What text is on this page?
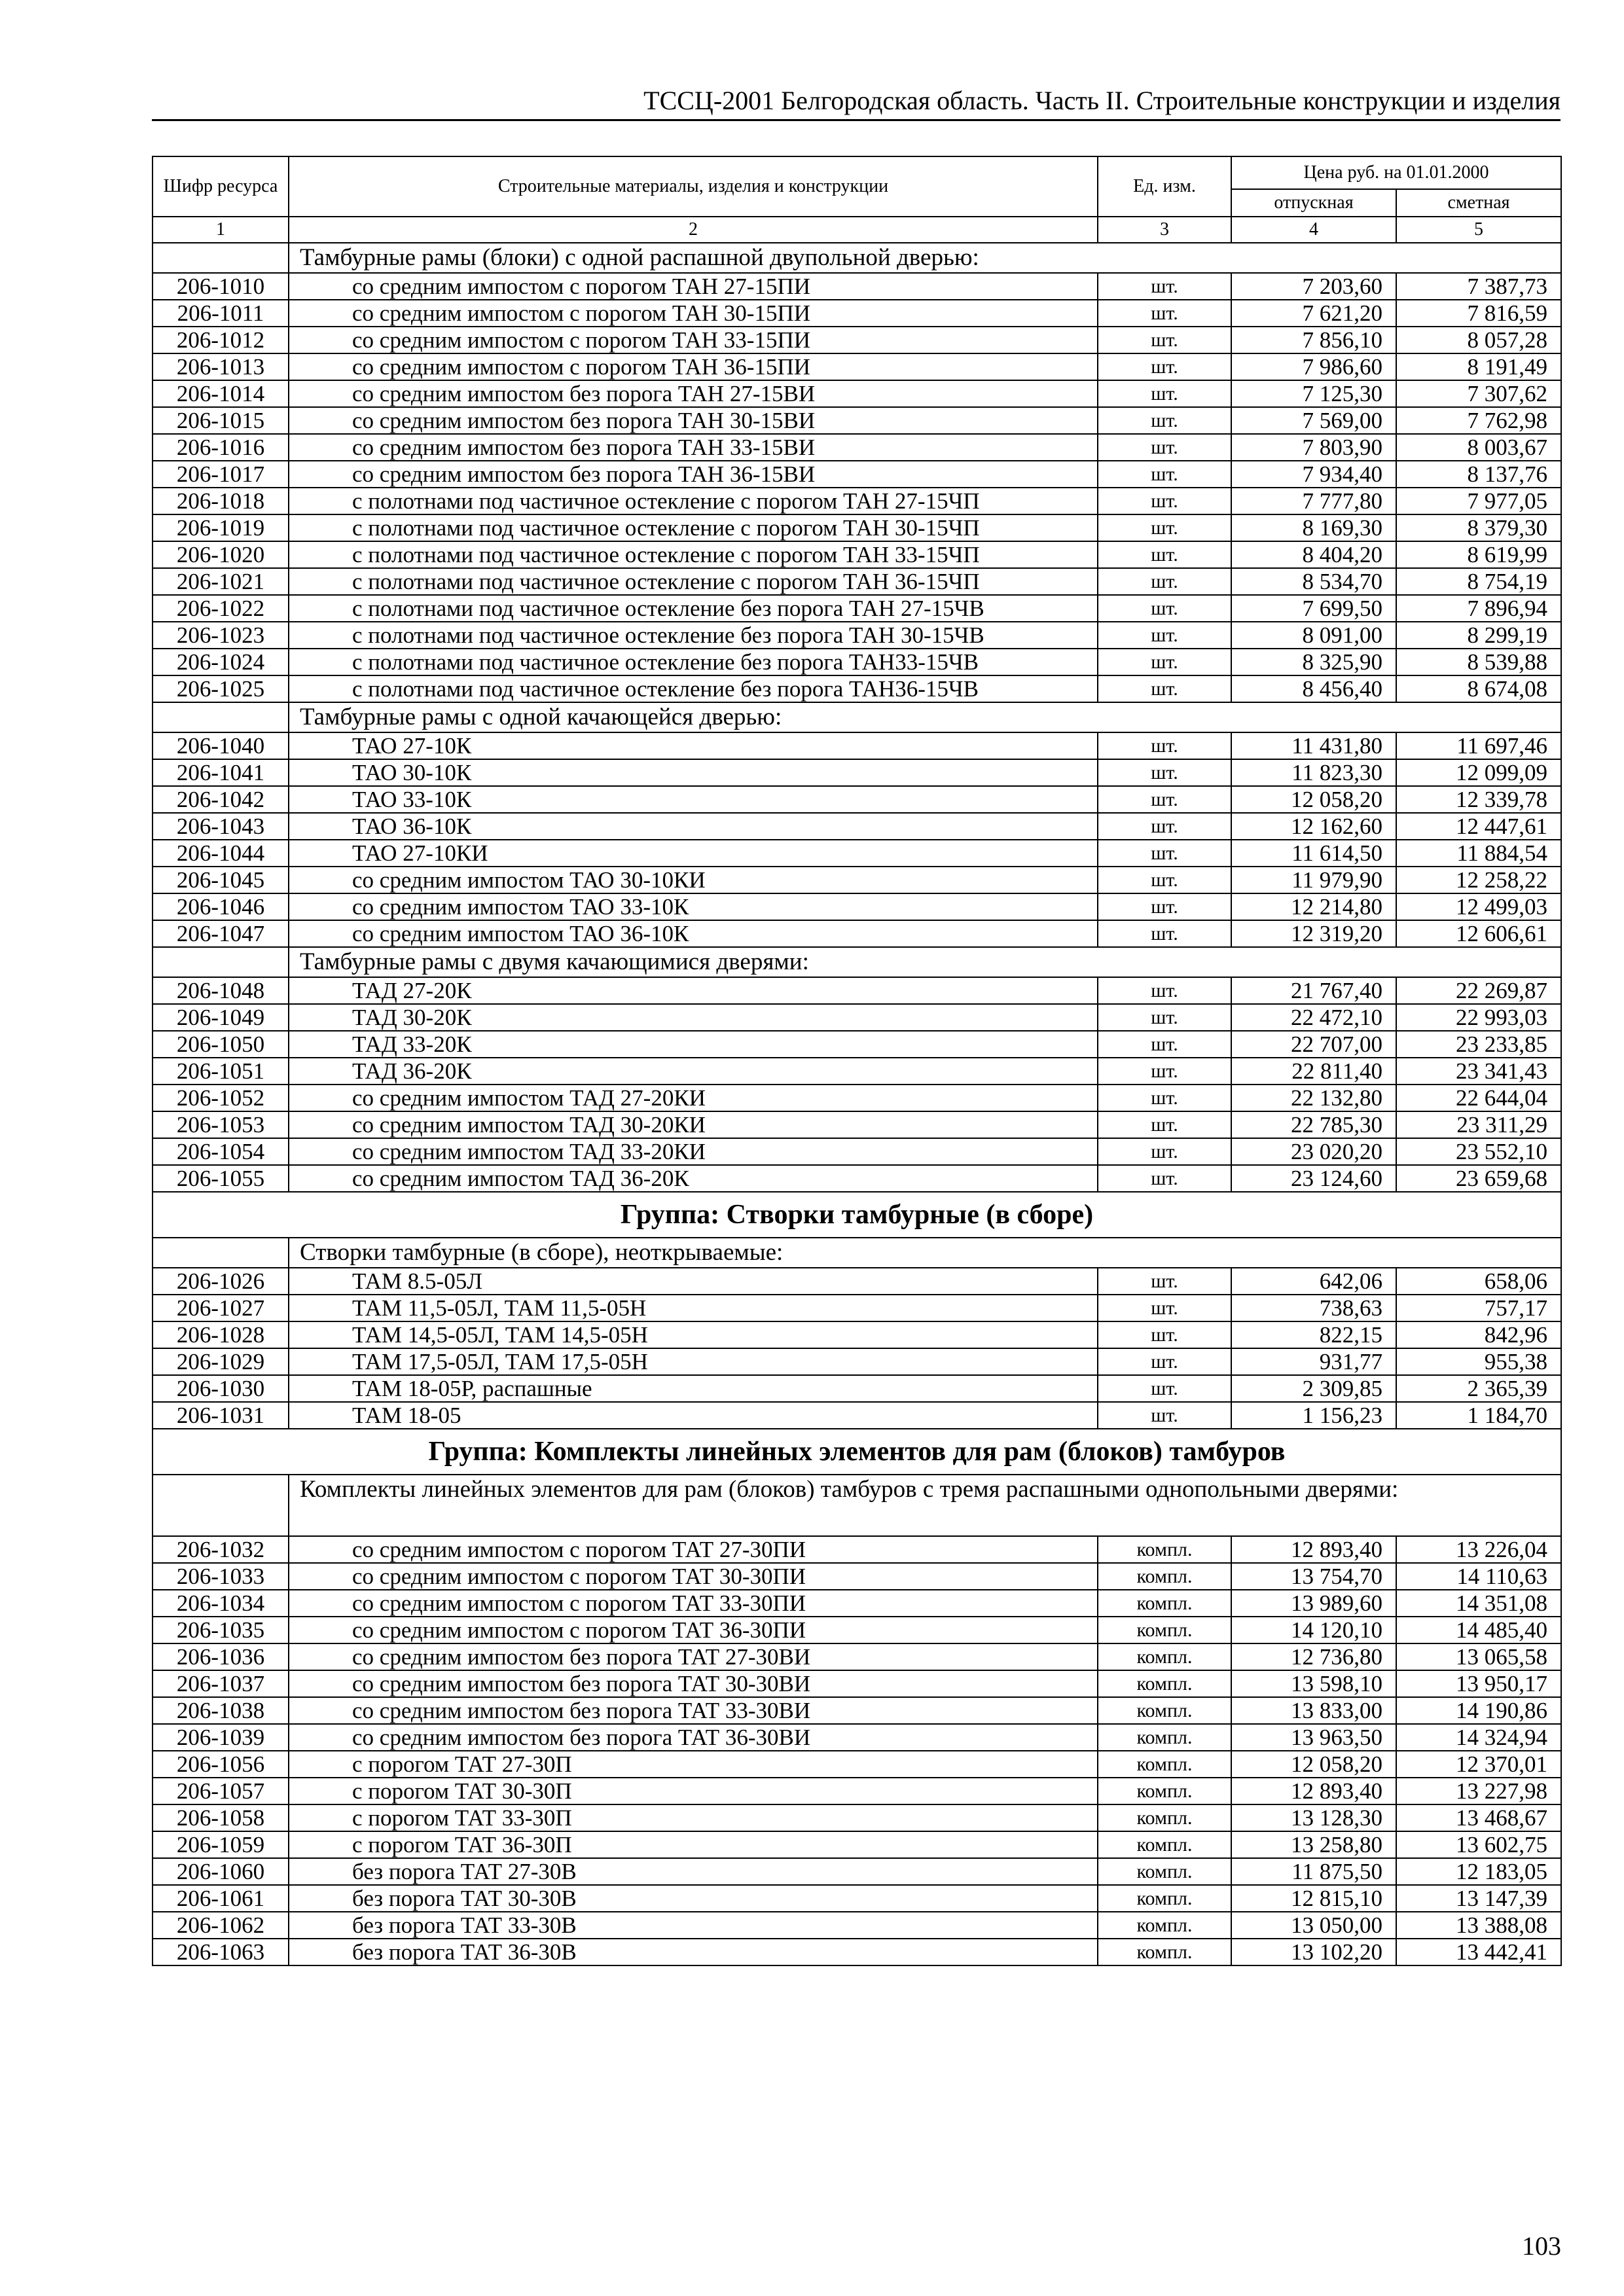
ТССЦ-2001 Белгородская область. Часть II. Строительные конструкции и изделия
Шифр ресурса	Строительные материалы, изделия и конструкции	Ед. изм.	Цена руб. на 01.01.2000	
			отпускная	сметная
1	2	3	4	5
	Тамбурные рамы (блоки) с одной распашной двупольной дверью:			
206-1010	со средним импостом с порогом ТАН 27-15ПИ	шт.	7 203,60	7 387,73
206-1011	со средним импостом с порогом ТАН 30-15ПИ	шт.	7 621,20	7 816,59
206-1012	со средним импостом с порогом ТАН 33-15ПИ	шт.	7 856,10	8 057,28
206-1013	со средним импостом с порогом ТАН 36-15ПИ	шт.	7 986,60	8 191,49
206-1014	со средним импостом без порога ТАН 27-15ВИ	шт.	7 125,30	7 307,62
206-1015	со средним импостом без порога ТАН 30-15ВИ	шт.	7 569,00	7 762,98
206-1016	со средним импостом без порога ТАН 33-15ВИ	шт.	7 803,90	8 003,67
206-1017	со средним импостом без порога ТАН 36-15ВИ	шт.	7 934,40	8 137,76
206-1018	с полотнами под частичное остекление с порогом ТАН 27-15ЧП	шт.	7 777,80	7 977,05
206-1019	с полотнами под частичное остекление с порогом ТАН 30-15ЧП	шт.	8 169,30	8 379,30
206-1020	с полотнами под частичное остекление с порогом ТАН 33-15ЧП	шт.	8 404,20	8 619,99
206-1021	с полотнами под частичное остекление с порогом ТАН 36-15ЧП	шт.	8 534,70	8 754,19
206-1022	с полотнами под частичное остекление без порога ТАН 27-15ЧВ	шт.	7 699,50	7 896,94
206-1023	с полотнами под частичное остекление без порога ТАН 30-15ЧВ	шт.	8 091,00	8 299,19
206-1024	с полотнами под частичное остекление без порога ТАН33-15ЧВ	шт.	8 325,90	8 539,88
206-1025	с полотнами под частичное остекление без порога ТАН36-15ЧВ	шт.	8 456,40	8 674,08
	Тамбурные рамы с одной качающейся дверью:			
206-1040	ТАО 27-10К	шт.	11 431,80	11 697,46
206-1041	ТАО 30-10К	шт.	11 823,30	12 099,09
206-1042	ТАО 33-10К	шт.	12 058,20	12 339,78
206-1043	ТАО 36-10К	шт.	12 162,60	12 447,61
206-1044	ТАО 27-10КИ	шт.	11 614,50	11 884,54
206-1045	со средним импостом ТАО 30-10КИ	шт.	11 979,90	12 258,22
206-1046	со средним импостом ТАО 33-10К	шт.	12 214,80	12 499,03
206-1047	со средним импостом ТАО 36-10К	шт.	12 319,20	12 606,61
	Тамбурные рамы с двумя качающимися дверями:			
206-1048	ТАД 27-20К	шт.	21 767,40	22 269,87
206-1049	ТАД 30-20К	шт.	22 472,10	22 993,03
206-1050	ТАД 33-20К	шт.	22 707,00	23 233,85
206-1051	ТАД 36-20К	шт.	22 811,40	23 341,43
206-1052	со средним импостом ТАД 27-20КИ	шт.	22 132,80	22 644,04
206-1053	со средним импостом ТАД 30-20КИ	шт.	22 785,30	23 311,29
206-1054	со средним импостом ТАД 33-20КИ	шт.	23 020,20	23 552,10
206-1055	со средним импостом ТАД 36-20К	шт.	23 124,60	23 659,68
Группа: Створки тамбурные (в сборе)				
	Створки тамбурные (в сборе), неоткрываемые:			
206-1026	ТАМ 8.5-05Л	шт.	642,06	658,06
206-1027	ТАМ 11,5-05Л, ТАМ 11,5-05Н	шт.	738,63	757,17
206-1028	ТАМ 14,5-05Л, ТАМ 14,5-05Н	шт.	822,15	842,96
206-1029	ТАМ 17,5-05Л, ТАМ 17,5-05Н	шт.	931,77	955,38
206-1030	ТАМ 18-05Р, распашные	шт.	2 309,85	2 365,39
206-1031	ТАМ 18-05	шт.	1 156,23	1 184,70
Группа: Комплекты линейных элементов для рам (блоков) тамбуров				
	Комплекты линейных элементов для рам (блоков) тамбуров с тремя распашными однопольными дверями:			
206-1032	со средним импостом с порогом ТАТ 27-30ПИ	компл.	12 893,40	13 226,04
206-1033	со средним импостом с порогом ТАТ 30-30ПИ	компл.	13 754,70	14 110,63
206-1034	со средним импостом с порогом ТАТ 33-30ПИ	компл.	13 989,60	14 351,08
206-1035	со средним импостом с порогом ТАТ 36-30ПИ	компл.	14 120,10	14 485,40
206-1036	со средним импостом без порога ТАТ 27-30ВИ	компл.	12 736,80	13 065,58
206-1037	со средним импостом без порога ТАТ 30-30ВИ	компл.	13 598,10	13 950,17
206-1038	со средним импостом без порога ТАТ 33-30ВИ	компл.	13 833,00	14 190,86
206-1039	со средним импостом без порога ТАТ 36-30ВИ	компл.	13 963,50	14 324,94
206-1056	с порогом ТАТ 27-30П	компл.	12 058,20	12 370,01
206-1057	с порогом ТАТ 30-30П	компл.	12 893,40	13 227,98
206-1058	с порогом ТАТ 33-30П	компл.	13 128,30	13 468,67
206-1059	с порогом ТАТ 36-30П	компл.	13 258,80	13 602,75
206-1060	без порога ТАТ 27-30В	компл.	11 875,50	12 183,05
206-1061	без порога ТАТ 30-30В	компл.	12 815,10	13 147,39
206-1062	без порога ТАТ 33-30В	компл.	13 050,00	13 388,08
206-1063	без порога ТАТ 36-30В	компл.	13 102,20	13 442,41
103
